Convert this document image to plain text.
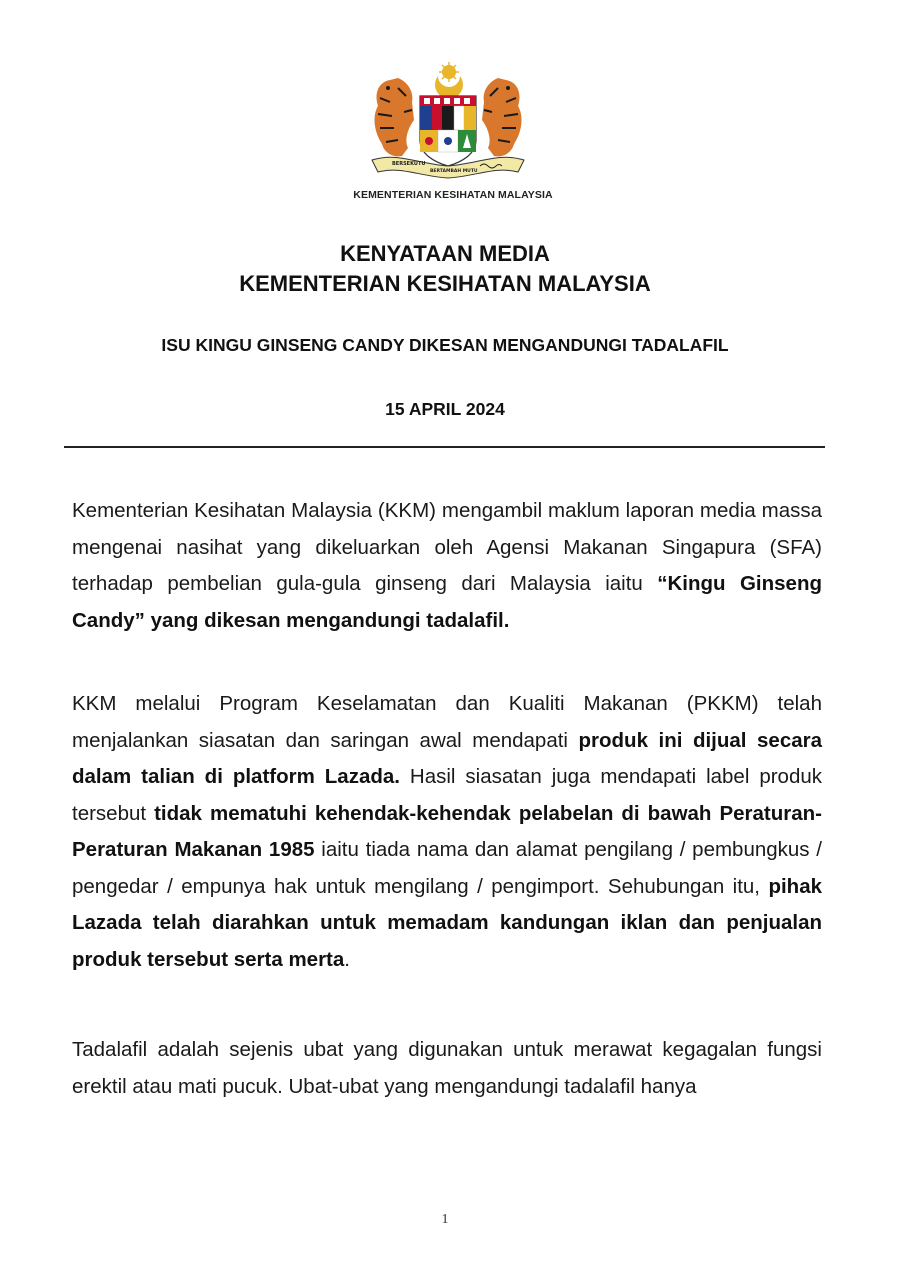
BERSEKUTU
BERTAMBAH MUTU
KEMENTERIAN KESIHATAN MALAYSIA
KENYATAAN MEDIA
KEMENTERIAN KESIHATAN MALAYSIA
ISU KINGU GINSENG CANDY DIKESAN MENGANDUNGI TADALAFIL
15 APRIL 2024
Kementerian Kesihatan Malaysia (KKM) mengambil maklum laporan media massa mengenai nasihat yang dikeluarkan oleh Agensi Makanan Singapura (SFA) terhadap pembelian gula-gula ginseng dari Malaysia iaitu “Kingu Ginseng Candy” yang dikesan mengandungi tadalafil.
KKM melalui Program Keselamatan dan Kualiti Makanan (PKKM) telah menjalankan siasatan dan saringan awal mendapati produk ini dijual secara dalam talian di platform Lazada. Hasil siasatan juga mendapati label produk tersebut tidak mematuhi kehendak-kehendak pelabelan di bawah Peraturan-Peraturan Makanan 1985 iaitu tiada nama dan alamat pengilang / pembungkus / pengedar / empunya hak untuk mengilang / pengimport. Sehubungan itu, pihak Lazada telah diarahkan untuk memadam kandungan iklan dan penjualan produk tersebut serta merta.
Tadalafil adalah sejenis ubat yang digunakan untuk merawat kegagalan fungsi erektil atau mati pucuk. Ubat-ubat yang mengandungi tadalafil hanya
1
